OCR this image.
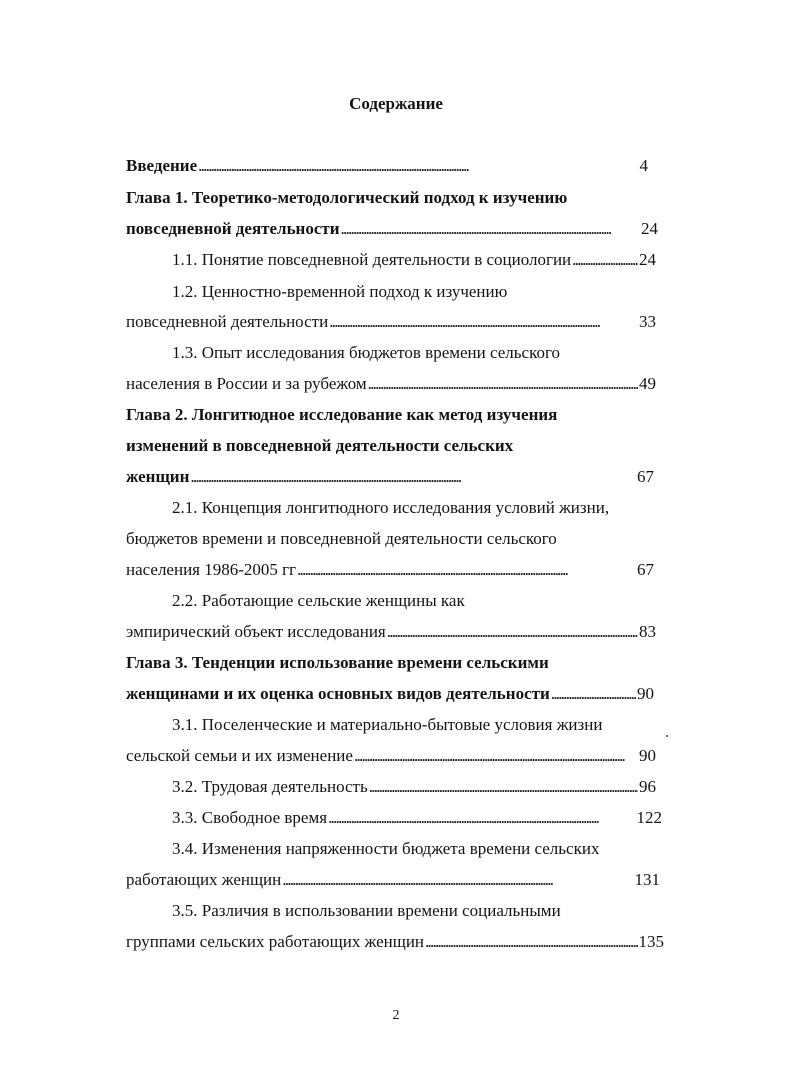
Содержание
Введение . . .	4
Глава 1. Теоретико-методологический подход к изучению
повседневной деятельности . . .	24
1.1. Понятие повседневной деятельности в социологии . . .	24
1.2. Ценностно-временной подход к изучению
повседневной деятельности . . .	33
1.3. Опыт исследования бюджетов времени сельского
населения в России и за рубежом . . .	49
Глава 2. Лонгитюдное исследование как метод изучения
изменений в повседневной деятельности сельских
женщин . . .	67
2.1. Концепция лонгитюдного исследования условий жизни,
бюджетов времени и повседневной деятельности сельского
населения 1986-2005 гг . . .	67
2.2. Работающие сельские женщины как
эмпирический объект исследования . . .	83
Глава 3. Тенденции использование времени сельскими
женщинами и их оценка основных видов деятельности . . .	90
3.1. Поселенческие и материально-бытовые условия жизни
сельской семьи и их изменение . . .	90
3.2. Трудовая деятельность . . .	96
3.3. Свободное время . . .	122
3.4. Изменения напряженности бюджета времени сельских
работающих женщин . . .	131
3.5. Различия в использовании времени социальными
группами сельских работающих женщин . . .	135
2
